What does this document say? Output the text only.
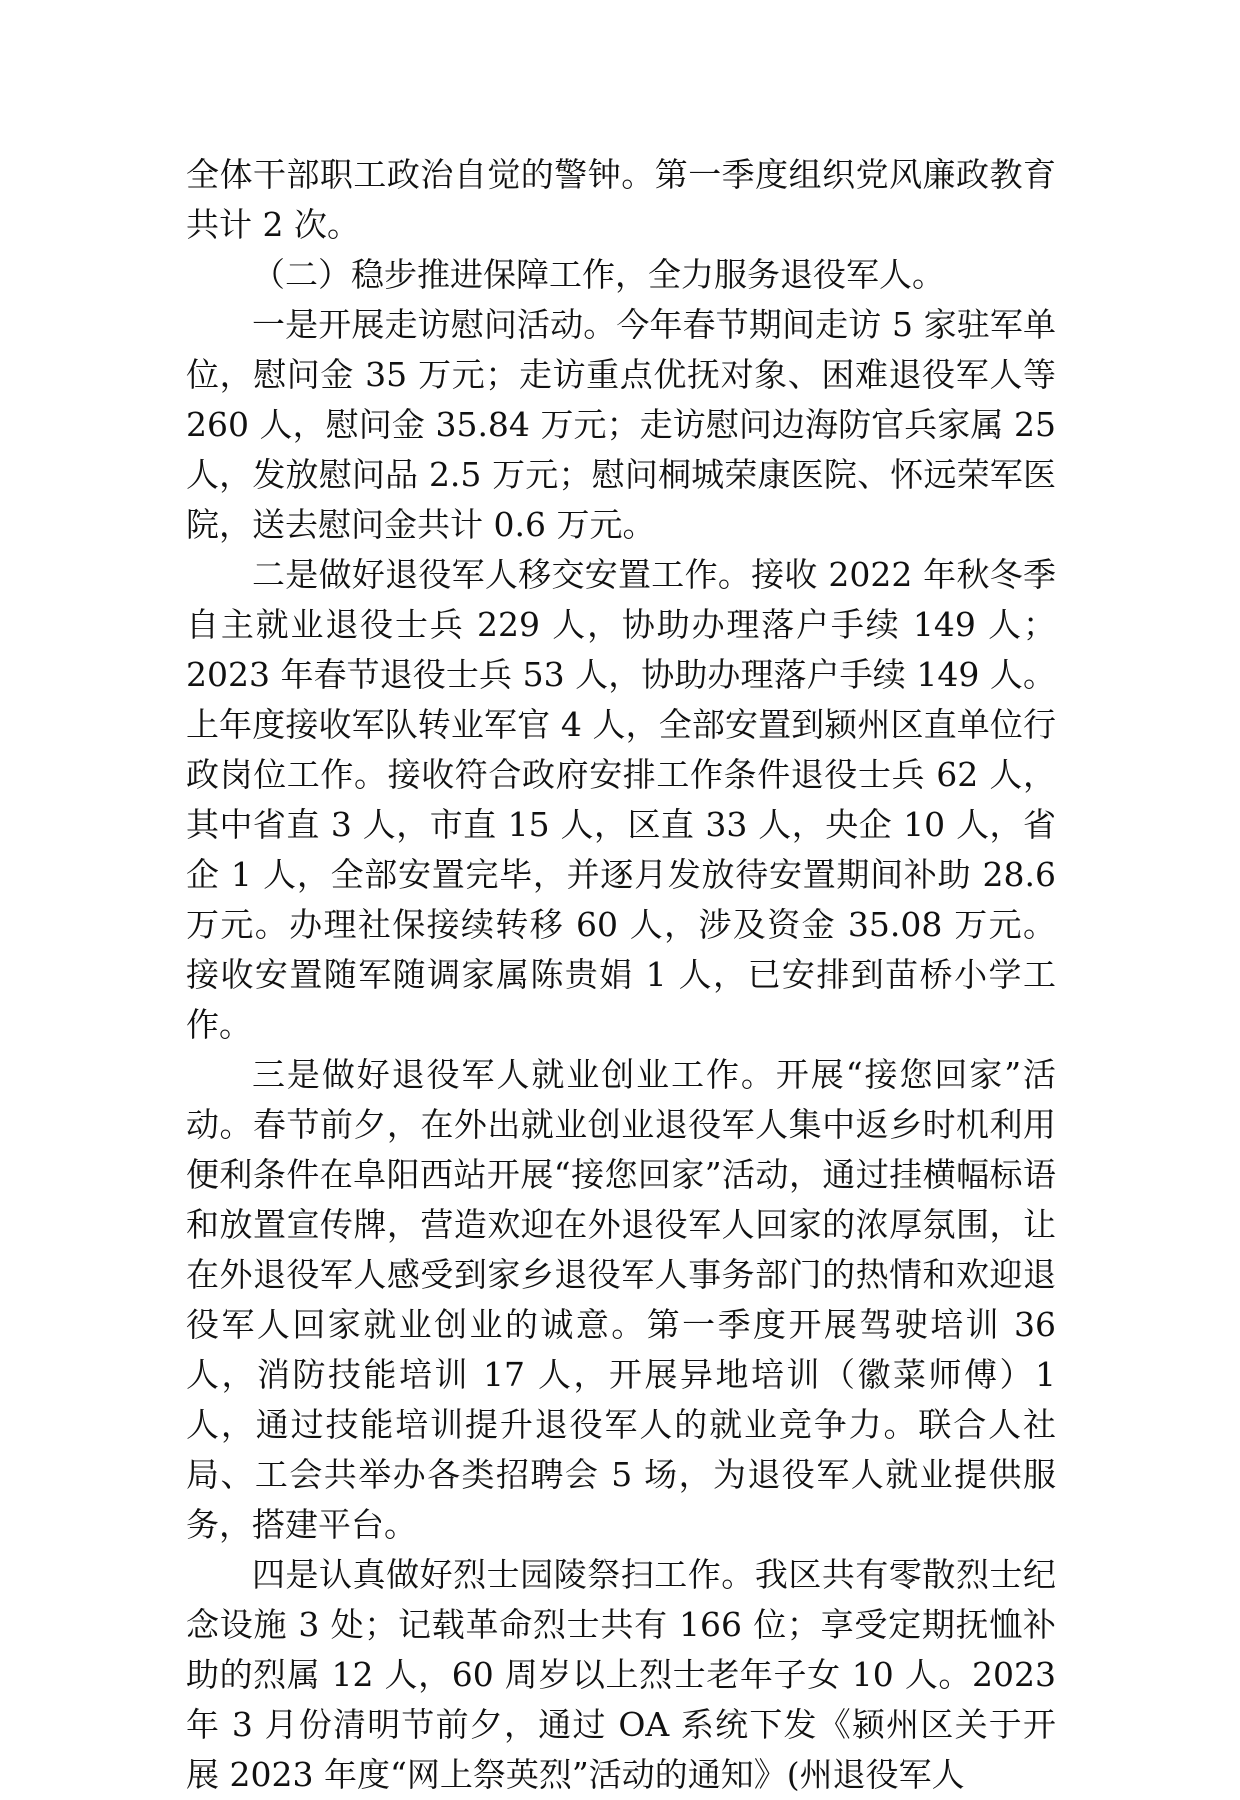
全体干部职工政治自觉的警钟。第一季度组织党风廉政教育共计 2 次。

（二）稳步推进保障工作，全力服务退役军人。

一是开展走访慰问活动。今年春节期间走访 5 家驻军单位，慰问金 35 万元；走访重点优抚对象、困难退役军人等 260 人，慰问金 35.84 万元；走访慰问边海防官兵家属 25 人，发放慰问品 2.5 万元；慰问桐城荣康医院、怀远荣军医院，送去慰问金共计 0.6 万元。

二是做好退役军人移交安置工作。接收 2022 年秋冬季自主就业退役士兵 229 人，协助办理落户手续 149 人；2023 年春节退役士兵 53 人，协助办理落户手续 149 人。上年度接收军队转业军官 4 人，全部安置到颍州区直单位行政岗位工作。接收符合政府安排工作条件退役士兵 62 人，其中省直 3 人，市直 15 人，区直 33 人，央企 10 人，省企 1 人，全部安置完毕，并逐月发放待安置期间补助 28.6 万元。办理社保接续转移 60 人，涉及资金 35.08 万元。接收安置随军随调家属陈贵娟 1 人，已安排到苗桥小学工作。

三是做好退役军人就业创业工作。开展“接您回家”活动。春节前夕，在外出就业创业退役军人集中返乡时机利用便利条件在阜阳西站开展“接您回家”活动，通过挂横幅标语和放置宣传牌，营造欢迎在外退役军人回家的浓厚氛围，让在外退役军人感受到家乡退役军人事务部门的热情和欢迎退役军人回家就业创业的诚意。第一季度开展驾驶培训 36 人，消防技能培训 17 人，开展异地培训（徽菜师傅）1 人，通过技能培训提升退役军人的就业竞争力。联合人社局、工会共举办各类招聘会 5 场，为退役军人就业提供服务，搭建平台。

四是认真做好烈士园陵祭扫工作。我区共有零散烈士纪念设施 3 处；记载革命烈士共有 166 位；享受定期抚恤补助的烈属 12 人，60 周岁以上烈士老年子女 10 人。2023 年 3 月份清明节前夕，通过 OA 系统下发《颍州区关于开展 2023 年度“网上祭英烈”活动的通知》(州退役军人
